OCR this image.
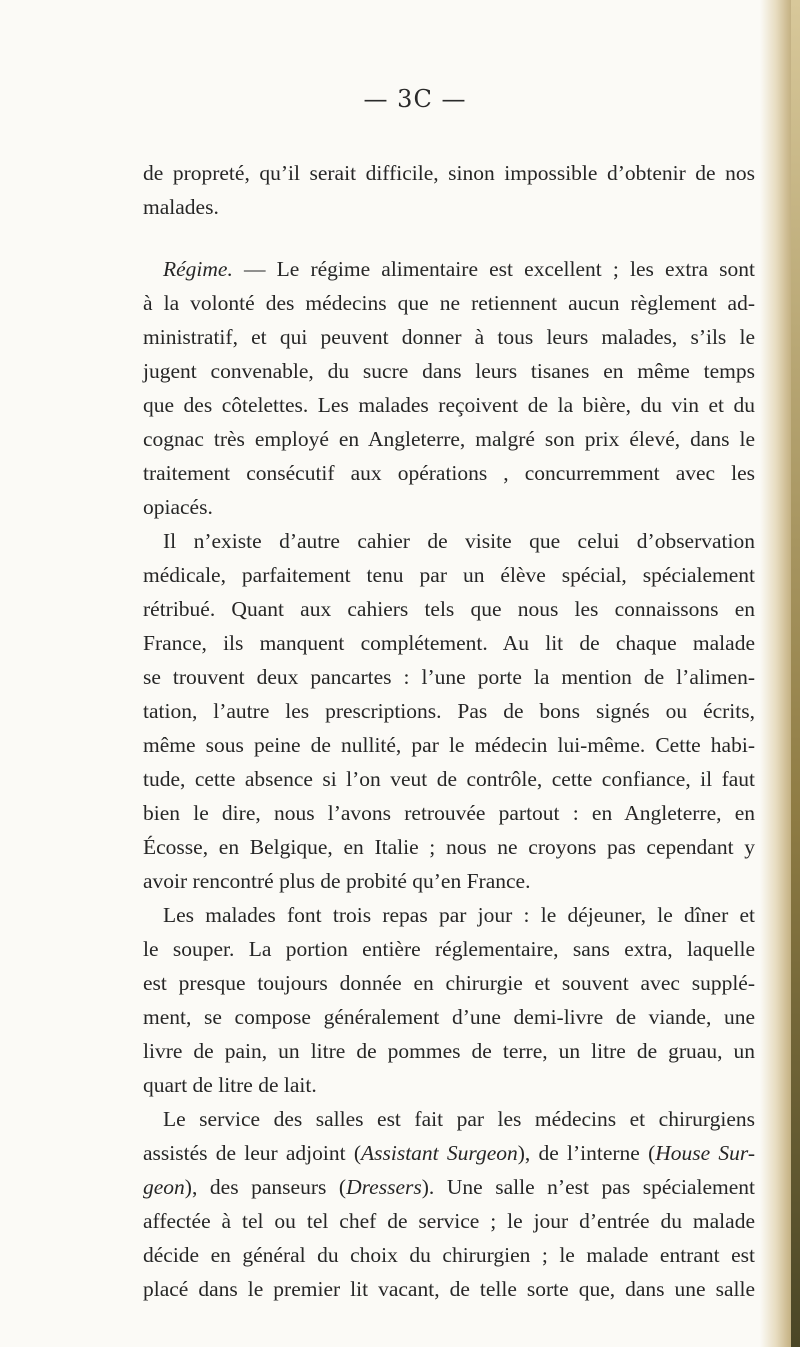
— 3C —
de propreté, qu’il serait difficile, sinon impossible d’obtenir de nos
malades.
Régime. — Le régime alimentaire est excellent ; les extra sont
à la volonté des médecins que ne retiennent aucun règlement ad-
ministratif, et qui peuvent donner à tous leurs malades, s’ils le
jugent convenable, du sucre dans leurs tisanes en même temps
que des côtelettes. Les malades reçoivent de la bière, du vin et du
cognac très employé en Angleterre, malgré son prix élevé, dans le
traitement consécutif aux opérations , concurremment avec les
opiacés.
Il n’existe d’autre cahier de visite que celui d’observation
médicale, parfaitement tenu par un élève spécial, spécialement
rétribué. Quant aux cahiers tels que nous les connaissons en
France, ils manquent complétement. Au lit de chaque malade
se trouvent deux pancartes : l’une porte la mention de l’alimen-
tation, l’autre les prescriptions. Pas de bons signés ou écrits,
même sous peine de nullité, par le médecin lui-même. Cette habi-
tude, cette absence si l’on veut de contrôle, cette confiance, il faut
bien le dire, nous l’avons retrouvée partout : en Angleterre, en
Écosse, en Belgique, en Italie ; nous ne croyons pas cependant y
avoir rencontré plus de probité qu’en France.
Les malades font trois repas par jour : le déjeuner, le dîner et
le souper. La portion entière réglementaire, sans extra, laquelle
est presque toujours donnée en chirurgie et souvent avec supplé-
ment, se compose généralement d’une demi-livre de viande, une
livre de pain, un litre de pommes de terre, un litre de gruau, un
quart de litre de lait.
Le service des salles est fait par les médecins et chirurgiens
assistés de leur adjoint (Assistant Surgeon), de l’interne (House Sur-
geon), des panseurs (Dressers). Une salle n’est pas spécialement
affectée à tel ou tel chef de service ; le jour d’entrée du malade
décide en général du choix du chirurgien ; le malade entrant est
placé dans le premier lit vacant, de telle sorte que, dans une salle
